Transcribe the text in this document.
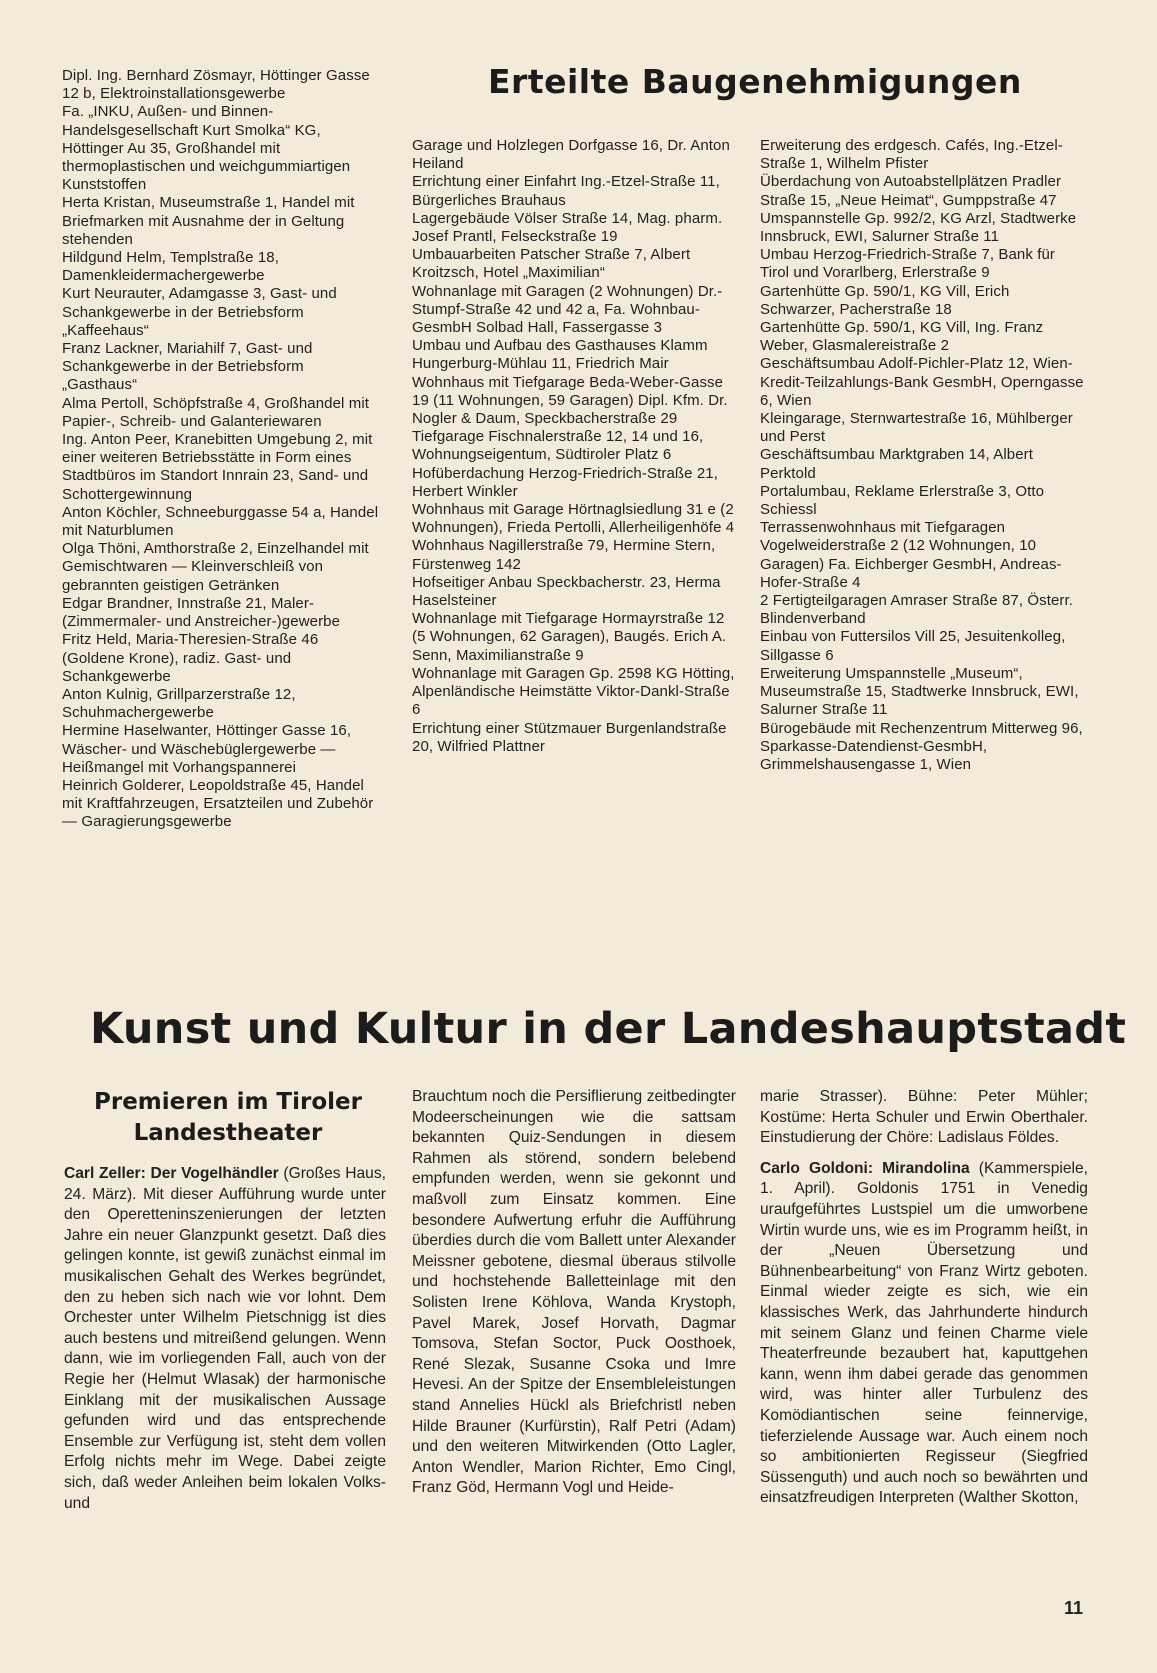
Dipl. Ing. Bernhard Zösmayr, Höttinger Gasse 12 b, Elektroinstallationsgewerbe

Fa. „INKU, Außen- und Binnen-Handelsgesellschaft Kurt Smolka“ KG, Höttinger Au 35, Großhandel mit thermoplastischen und weichgummiartigen Kunststoffen

Herta Kristan, Museumstraße 1, Handel mit Briefmarken mit Ausnahme der in Geltung stehenden

Hildgund Helm, Templstraße 18, Damenkleidermachergewerbe

Kurt Neurauter, Adamgasse 3, Gast- und Schankgewerbe in der Betriebsform „Kaffeehaus“

Franz Lackner, Mariahilf 7, Gast- und Schankgewerbe in der Betriebsform „Gasthaus“

Alma Pertoll, Schöpfstraße 4, Großhandel mit Papier-, Schreib- und Galanteriewaren

Ing. Anton Peer, Kranebitten Umgebung 2, mit einer weiteren Betriebsstätte in Form eines Stadtbüros im Standort Innrain 23, Sand- und Schottergewinnung

Anton Köchler, Schneeburggasse 54 a, Handel mit Naturblumen

Olga Thöni, Amthorstraße 2, Einzelhandel mit Gemischtwaren — Kleinverschleiß von gebrannten geistigen Getränken

Edgar Brandner, Innstraße 21, Maler- (Zimmermaler- und Anstreicher-)gewerbe

Fritz Held, Maria-Theresien-Straße 46 (Goldene Krone), radiz. Gast- und Schankgewerbe

Anton Kulnig, Grillparzerstraße 12, Schuhmachergewerbe

Hermine Haselwanter, Höttinger Gasse 16, Wäscher- und Wäschebüglergewerbe — Heißmangel mit Vorhangspannerei

Heinrich Golderer, Leopoldstraße 45, Handel mit Kraftfahrzeugen, Ersatzteilen und Zubehör — Garagierungsgewerbe

Erteilte Baugenehmigungen

Garage und Holzlegen Dorfgasse 16, Dr. Anton Heiland

Errichtung einer Einfahrt Ing.-Etzel-Straße 11, Bürgerliches Brauhaus

Lagergebäude Völser Straße 14, Mag. pharm. Josef Prantl, Felseckstraße 19

Umbauarbeiten Patscher Straße 7, Albert Kroitzsch, Hotel „Maximilian“

Wohnanlage mit Garagen (2 Wohnungen) Dr.-Stumpf-Straße 42 und 42 a, Fa. Wohnbau-GesmbH Solbad Hall, Fassergasse 3

Umbau und Aufbau des Gasthauses Klamm Hungerburg-Mühlau 11, Friedrich Mair

Wohnhaus mit Tiefgarage Beda-Weber-Gasse 19 (11 Wohnungen, 59 Garagen) Dipl. Kfm. Dr. Nogler & Daum, Speckbacherstraße 29

Tiefgarage Fischnalerstraße 12, 14 und 16, Wohnungseigentum, Südtiroler Platz 6

Hofüberdachung Herzog-Friedrich-Straße 21, Herbert Winkler

Wohnhaus mit Garage Hörtnaglsiedlung 31 e (2 Wohnungen), Frieda Pertolli, Allerheiligenhöfe 4

Wohnhaus Nagillerstraße 79, Hermine Stern, Fürstenweg 142

Hofseitiger Anbau Speckbacherstr. 23, Herma Haselsteiner

Wohnanlage mit Tiefgarage Hormayrstraße 12 (5 Wohnungen, 62 Garagen), Baugés. Erich A. Senn, Maximilianstraße 9

Wohnanlage mit Garagen Gp. 2598 KG Hötting, Alpenländische Heimstätte Viktor-Dankl-Straße 6

Errichtung einer Stützmauer Burgenlandstraße 20, Wilfried Plattner

Erweiterung des erdgesch. Cafés, Ing.-Etzel-Straße 1, Wilhelm Pfister

Überdachung von Autoabstellplätzen Pradler Straße 15, „Neue Heimat“, Gumppstraße 47

Umspannstelle Gp. 992/2, KG Arzl, Stadtwerke Innsbruck, EWI, Salurner Straße 11

Umbau Herzog-Friedrich-Straße 7, Bank für Tirol und Vorarlberg, Erlerstraße 9

Gartenhütte Gp. 590/1, KG Vill, Erich Schwarzer, Pacherstraße 18

Gartenhütte Gp. 590/1, KG Vill, Ing. Franz Weber, Glasmalereistraße 2

Geschäftsumbau Adolf-Pichler-Platz 12, Wien-Kredit-Teilzahlungs-Bank GesmbH, Operngasse 6, Wien

Kleingarage, Sternwartestraße 16, Mühlberger und Perst

Geschäftsumbau Marktgraben 14, Albert Perktold

Portalumbau, Reklame Erlerstraße 3, Otto Schiessl

Terrassenwohnhaus mit Tiefgaragen Vogelweiderstraße 2 (12 Wohnungen, 10 Garagen) Fa. Eichberger GesmbH, Andreas-Hofer-Straße 4

2 Fertigteilgaragen Amraser Straße 87, Österr. Blindenverband

Einbau von Futtersilos Vill 25, Jesuitenkolleg, Sillgasse 6

Erweiterung Umspannstelle „Museum“, Museumstraße 15, Stadtwerke Innsbruck, EWI, Salurner Straße 11

Bürogebäude mit Rechenzentrum Mitterweg 96, Sparkasse-Datendienst-GesmbH, Grimmelshausengasse 1, Wien

Kunst und Kultur in der Landeshauptstadt
Premieren im Tiroler Landestheater

Carl Zeller: Der Vogelhändler (Großes Haus, 24. März). Mit dieser Aufführung wurde unter den Operetteninszenierungen der letzten Jahre ein neuer Glanzpunkt gesetzt. Daß dies gelingen konnte, ist gewiß zunächst einmal im musikalischen Gehalt des Werkes begründet, den zu heben sich nach wie vor lohnt. Dem Orchester unter Wilhelm Pietschnigg ist dies auch bestens und mitreißend gelungen. Wenn dann, wie im vorliegenden Fall, auch von der Regie her (Helmut Wlasak) der harmonische Einklang mit der musikalischen Aussage gefunden wird und das entsprechende Ensemble zur Verfügung ist, steht dem vollen Erfolg nichts mehr im Wege. Dabei zeigte sich, daß weder Anleihen beim lokalen Volks- und

Brauchtum noch die Persiflierung zeitbedingter Modeerscheinungen wie die sattsam bekannten Quiz-Sendungen in diesem Rahmen als störend, sondern belebend empfunden werden, wenn sie gekonnt und maßvoll zum Einsatz kommen. Eine besondere Aufwertung erfuhr die Aufführung überdies durch die vom Ballett unter Alexander Meissner gebotene, diesmal überaus stilvolle und hochstehende Balletteinlage mit den Solisten Irene Köhlova, Wanda Krystoph, Pavel Marek, Josef Horvath, Dagmar Tomsova, Stefan Soctor, Puck Oosthoek, René Slezak, Susanne Csoka und Imre Hevesi. An der Spitze der Ensembleleistungen stand Annelies Hückl als Briefchristl neben Hilde Brauner (Kurfürstin), Ralf Petri (Adam) und den weiteren Mitwirkenden (Otto Lagler, Anton Wendler, Marion Richter, Emo Cingl, Franz Göd, Hermann Vogl und Heide-

marie Strasser). Bühne: Peter Mühler; Kostüme: Herta Schuler und Erwin Oberthaler. Einstudierung der Chöre: Ladislaus Földes.

Carlo Goldoni: Mirandolina (Kammerspiele, 1. April). Goldonis 1751 in Venedig uraufgeführtes Lustspiel um die umworbene Wirtin wurde uns, wie es im Programm heißt, in der „Neuen Übersetzung und Bühnenbearbeitung“ von Franz Wirtz geboten. Einmal wieder zeigte es sich, wie ein klassisches Werk, das Jahrhunderte hindurch mit seinem Glanz und feinen Charme viele Theaterfreunde bezaubert hat, kaputtgehen kann, wenn ihm dabei gerade das genommen wird, was hinter aller Turbulenz des Komödiantischen seine feinnervige, tieferzielende Aussage war. Auch einem noch so ambitionierten Regisseur (Siegfried Süssenguth) und auch noch so bewährten und einsatzfreudigen Interpreten (Walther Skotton,

11
